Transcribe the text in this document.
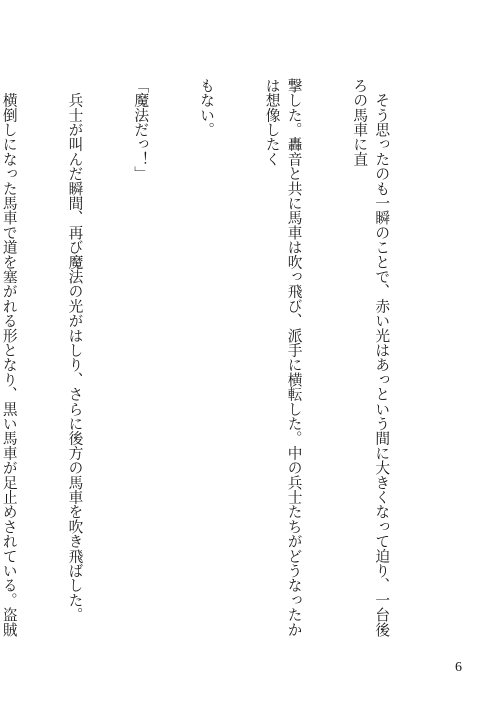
　そう思ったのも一瞬のことで、赤い光はあっという間に大きくなって迫り、一台後ろの馬車に直

撃した。轟音と共に馬車は吹っ飛び、派手に横転した。中の兵士たちがどうなったかは想像したく

もない。

「魔法だっ！」

　兵士が叫んだ瞬間、再び魔法の光がはしり、さらに後方の馬車を吹き飛ばした。

　横倒しになった馬車で道を塞がれる形となり、黒い馬車が足止めされている。盗賊

6
